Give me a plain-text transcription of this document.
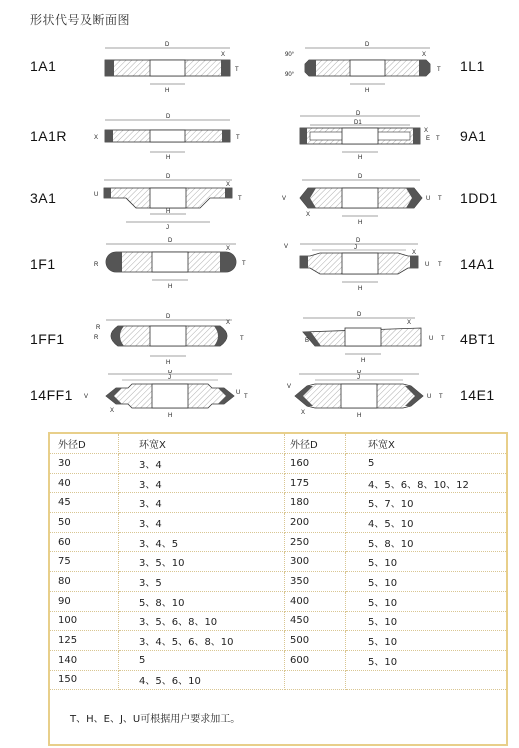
形状代号及断面图
1A1	1L1
1A1R	9A1
3A1	1DD1
1F1	14A1
1FF1	4BT1
14FF1	14E1
D
H
T
X
D
90°
90°
H
T
X
D
H
T
X
D
D1
H
X
E T
D
H
J
T
X
U
D
H
V
X
U T
D
H
R	T
X
D
J
H
X
U T
V
D
H
R
R	T
X
D
H
X
B	U T
D
J
H
V
X
U
T
D
J
H
V
X
U T
外径D	环宽X	外径D	环宽X
30	3、4	160	5
40	3、4	175	4、5、6、8、10、12
45	3、4	180	5、7、10
50	3、4	200	4、5、10
60	3、4、5	250	5、8、10
75	3、5、10	300	5、10
80	3、5	350	5、10
90	5、8、10	400	5、10
100	3、5、6、8、10	450	5、10
125	3、4、5、6、8、10	500	5、10
140	5	600	5、10
150	4、5、6、10		
T、H、E、J、U可根据用户要求加工。			
